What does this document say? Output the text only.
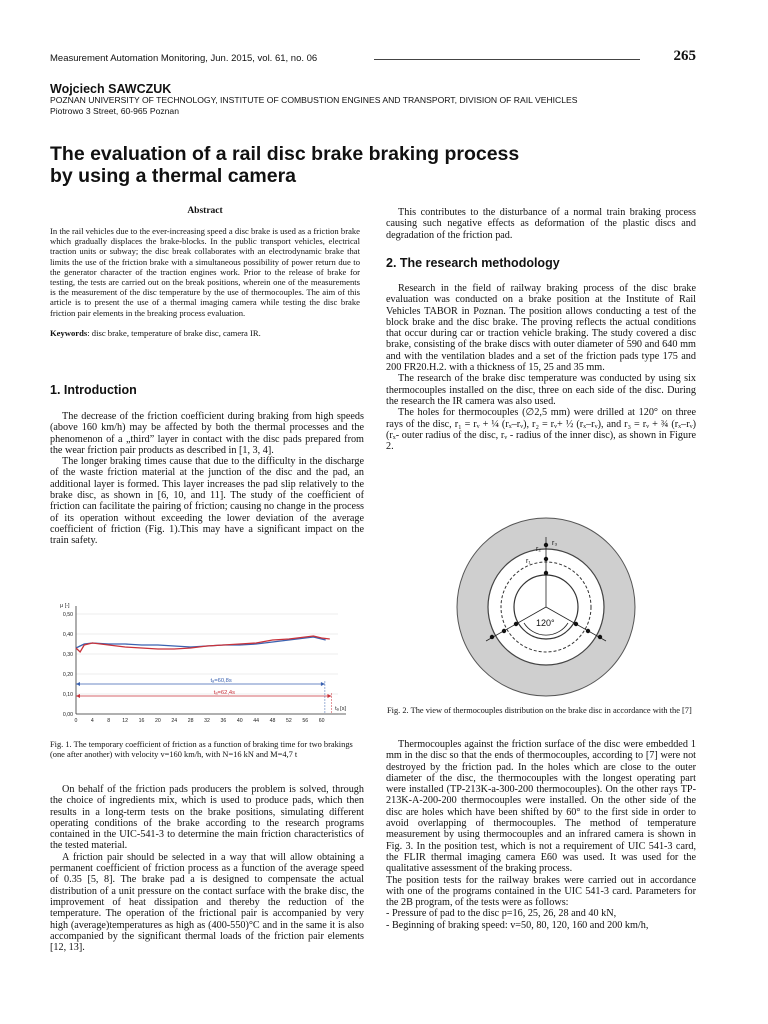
Measurement Automation Monitoring, Jun. 2015, vol. 61, no. 06	265
Wojciech SAWCZUK
POZNAN UNIVERSITY OF TECHNOLOGY, INSTITUTE OF COMBUSTION ENGINES AND TRANSPORT, DIVISION OF RAIL VEHICLES
Piotrowo 3 Street, 60-965 Poznan
The evaluation of a rail disc brake braking process
by using a thermal camera
Abstract

In the rail vehicles due to the ever-increasing speed a disc brake is used as a friction brake which gradually displaces the brake-blocks. In the public transport vehicles, electrical traction units or subway; the disc break collaborates with an electrodynamic brake that limits the use of the friction brake with a simultaneous possibility of power return due to the generator character of the traction engines work. Prior to the release of brake for testing, the tests are carried out on the break positions, wherein one of the measurements is the measurement of the disc temperature by the use of thermocouples. The aim of this article is to present the use of a thermal imaging camera while testing the disc brake friction pair elements in the breaking process evaluation.

Keywords: disc brake, temperature of brake disc, camera IR.

1. Introduction

The decrease of the friction coefficient during braking from high speeds (above 160 km/h) may be affected by both the thermal processes and the phenomenon of a „third” layer in contact with the disc pads prepared from the wear friction pair products as described in [1, 3, 4].

The longer braking times cause that due to the difficulty in the discharge of the waste friction material at the junction of the disc and the pad, an additional layer is formed. This layer increases the pad slip relatively to the brake disc, as shown in [6, 10, and 11]. The study of the coefficient of friction can facilitate the pairing of friction; causing no change in the process of its operation without exceeding the lower deviation of the average coefficient of friction (Fig. 1).This may have a significant impact on the train safety.

0,00
0,10
0,20
0,30
0,40
0,50
0	4	8 12 16 20 24 28 32 36 40 44 48 52 56 60
μ [-]
tₐ [s]
tₐ=60,8s
tₐ=62,4s
Fig. 1. The temporary coefficient of friction as a function of braking time for two brakings (one after another) with velocity v=160 km/h, with N=16 kN and M=4,7 t

On behalf of the friction pads producers the problem is solved, through the choice of ingredients mix, which is used to produce pads, which then results in a long-term tests on the brake positions, simulating different operating conditions of the brake according to the research programs contained in the UIC-541-3 to determine the main friction characteristics of the tested material.

A friction pair should be selected in a way that will allow obtaining a permanent coefficient of friction process as a function of the average speed of 0.35 [5, 8]. The brake pad a is designed to compensate the actual distribution of a unit pressure on the contact surface with the brake disc, the improvement of heat dissipation and thereby the reduction of the temperature. The operation of the frictional pair is accompanied by very high (average)temperatures as high as (400-550)°C and in the same it is also accompanied by the significant thermal loads of the friction pair elements [12, 13].

This contributes to the disturbance of a normal train braking process causing such negative effects as deformation of the plastic discs and degradation of the friction pad.

2. The research methodology

Research in the field of railway braking process of the disc brake evaluation was conducted on a brake position at the Institute of Rail Vehicles TABOR in Poznan. The position allows conducting a test of the block brake and the disc brake. The proving reflects the actual conditions that occur during car or traction vehicle braking. The study covered a disc brake, consisting of the brake discs with outer diameter of 590 and 640 mm and with the ventilation blades and a set of the friction pads type 175 and 200 FR20.H.2. with a thickness of 15, 25 and 35 mm.

The research of the brake disc temperature was conducted by using six thermocouples installed on the disc, three on each side of the disc. During the research the IR camera was also used.

The holes for thermocouples (∅2,5 mm) were drilled at 120° on three rays of the disc, r₁ = rᵥ + ¼ (rₓ–rᵥ), r₂ = rᵥ+ ½ (rₓ–rᵥ), and r₃ = rᵥ + ¾ (rₓ–rᵥ) (rₓ- outer radius of the disc, rᵥ - radius of the inner disc), as shown in Figure 2.

120°
r₁
r₂
r₃
Fig. 2. The view of thermocouples distribution on the brake disc in accordance with the [7]

Thermocouples against the friction surface of the disc were embedded 1 mm in the disc so that the ends of thermocouples, according to [7] were not destroyed by the friction pad. In the holes which are close to the outer diameter of the disc, the thermocouples with the longest operating part were installed (TP-213K-a-300-200 thermocouples). On the other rays TP-213K-A-200-200 thermocouples were installed. On the other side of the disc are holes which have been shifted by 60° to the first side in order to avoid overlapping of thermocouples. The method of temperature measurement by using thermocouples and an infrared camera is shown in Fig. 3. In the position test, which is not a requirement of UIC 541-3 card, the FLIR thermal imaging camera E60 was used. It was used for the qualitative assessment of the braking process.

The position tests for the railway brakes were carried out in accordance with one of the programs contained in the UIC 541-3 card. Parameters for the 2B program, of the tests were as follows:

- Pressure of pad to the disc p=16, 25, 26, 28 and 40 kN,

- Beginning of braking speed: v=50, 80, 120, 160 and 200 km/h,
